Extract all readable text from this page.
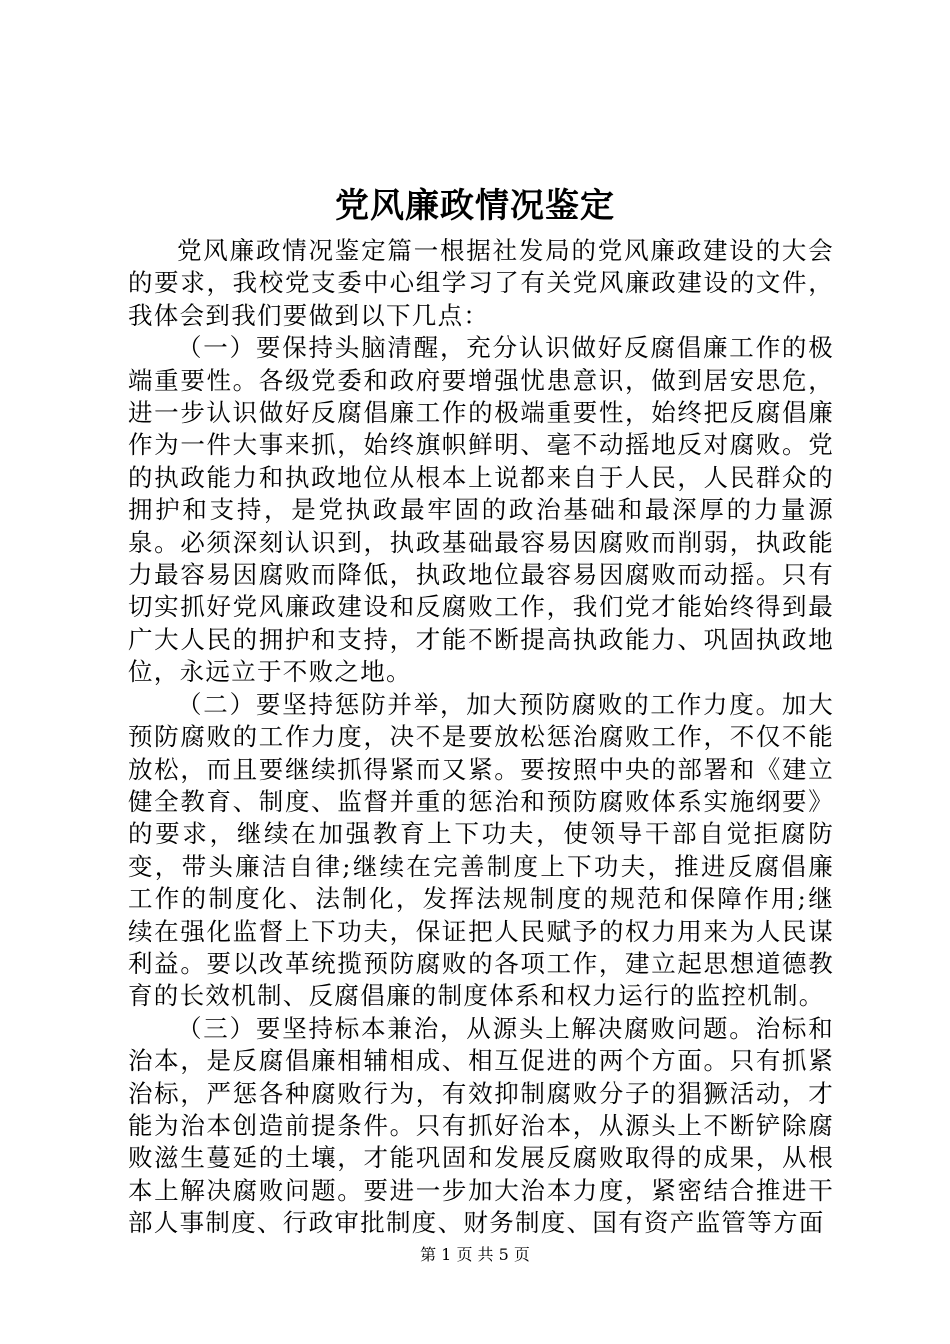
党风廉政情况鉴定

党风廉政情况鉴定篇一根据社发局的党风廉政建设的大会的要求，我校党支委中心组学习了有关党风廉政建设的文件，我体会到我们要做到以下几点：

（一）要保持头脑清醒，充分认识做好反腐倡廉工作的极端重要性。各级党委和政府要增强忧患意识，做到居安思危，进一步认识做好反腐倡廉工作的极端重要性，始终把反腐倡廉作为一件大事来抓，始终旗帜鲜明、毫不动摇地反对腐败。党的执政能力和执政地位从根本上说都来自于人民，人民群众的拥护和支持，是党执政最牢固的政治基础和最深厚的力量源泉。必须深刻认识到，执政基础最容易因腐败而削弱，执政能力最容易因腐败而降低，执政地位最容易因腐败而动摇。只有切实抓好党风廉政建设和反腐败工作，我们党才能始终得到最广大人民的拥护和支持，才能不断提高执政能力、巩固执政地位，永远立于不败之地。

（二）要坚持惩防并举，加大预防腐败的工作力度。加大预防腐败的工作力度，决不是要放松惩治腐败工作，不仅不能放松，而且要继续抓得紧而又紧。要按照中央的部署和《建立健全教育、制度、监督并重的惩治和预防腐败体系实施纲要》的要求，继续在加强教育上下功夫，使领导干部自觉拒腐防变，带头廉洁自律;继续在完善制度上下功夫，推进反腐倡廉工作的制度化、法制化，发挥法规制度的规范和保障作用;继续在强化监督上下功夫，保证把人民赋予的权力用来为人民谋利益。要以改革统揽预防腐败的各项工作，建立起思想道德教育的长效机制、反腐倡廉的制度体系和权力运行的监控机制。

（三）要坚持标本兼治，从源头上解决腐败问题。治标和治本，是反腐倡廉相辅相成、相互促进的两个方面。只有抓紧治标，严惩各种腐败行为，有效抑制腐败分子的猖獗活动，才能为治本创造前提条件。只有抓好治本，从源头上不断铲除腐败滋生蔓延的土壤，才能巩固和发展反腐败取得的成果，从根本上解决腐败问题。要进一步加大治本力度，紧密结合推进干部人事制度、行政审批制度、财务制度、国有资产监管等方面

第 1 页 共 5 页
